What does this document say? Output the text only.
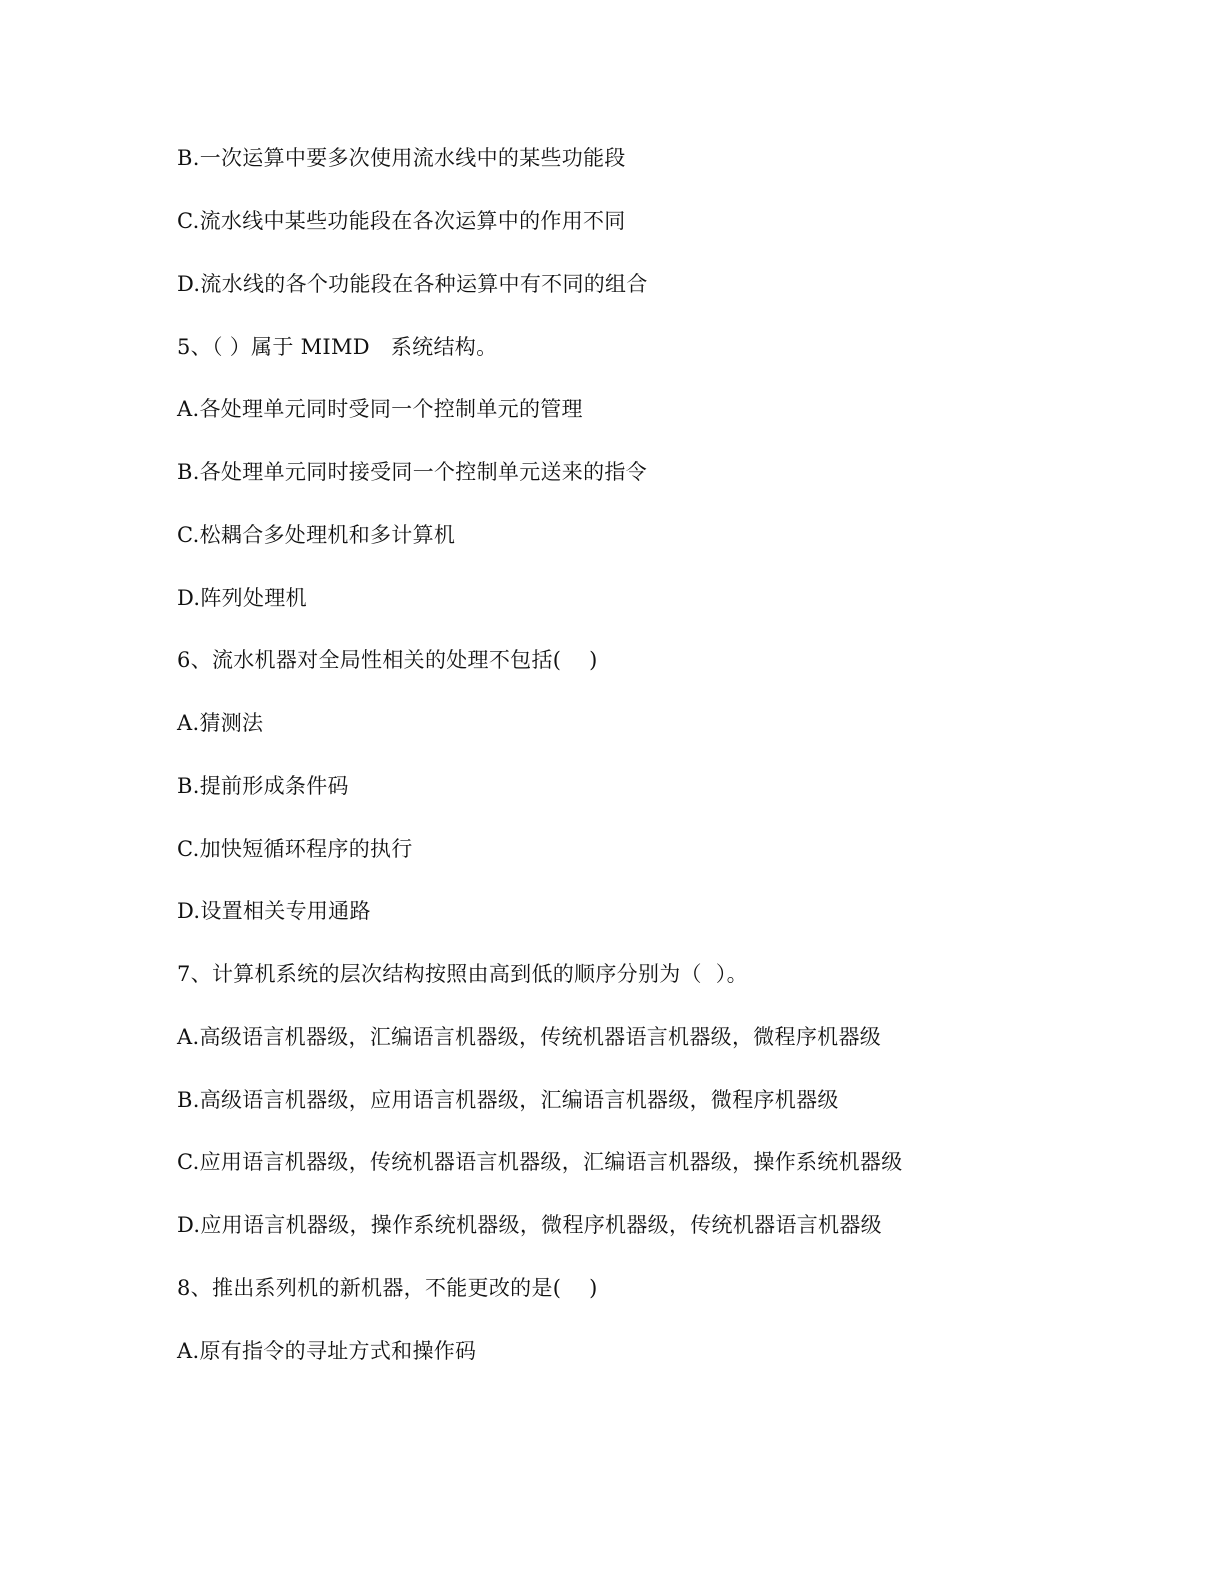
B.一次运算中要多次使用流水线中的某些功能段
C.流水线中某些功能段在各次运算中的作用不同
D.流水线的各个功能段在各种运算中有不同的组合
5、（ ）属于 MIMD   系统结构。
A.各处理单元同时受同一个控制单元的管理
B.各处理单元同时接受同一个控制单元送来的指令
C.松耦合多处理机和多计算机
D.阵列处理机
6、流水机器对全局性相关的处理不包括(    )
A.猜测法
B.提前形成条件码
C.加快短循环程序的执行
D.设置相关专用通路
7、计算机系统的层次结构按照由高到低的顺序分别为（  ）。
A.高级语言机器级，汇编语言机器级，传统机器语言机器级，微程序机器级
B.高级语言机器级，应用语言机器级，汇编语言机器级，微程序机器级
C.应用语言机器级，传统机器语言机器级，汇编语言机器级，操作系统机器级
D.应用语言机器级，操作系统机器级，微程序机器级，传统机器语言机器级
8、推出系列机的新机器，不能更改的是(    )
A.原有指令的寻址方式和操作码
